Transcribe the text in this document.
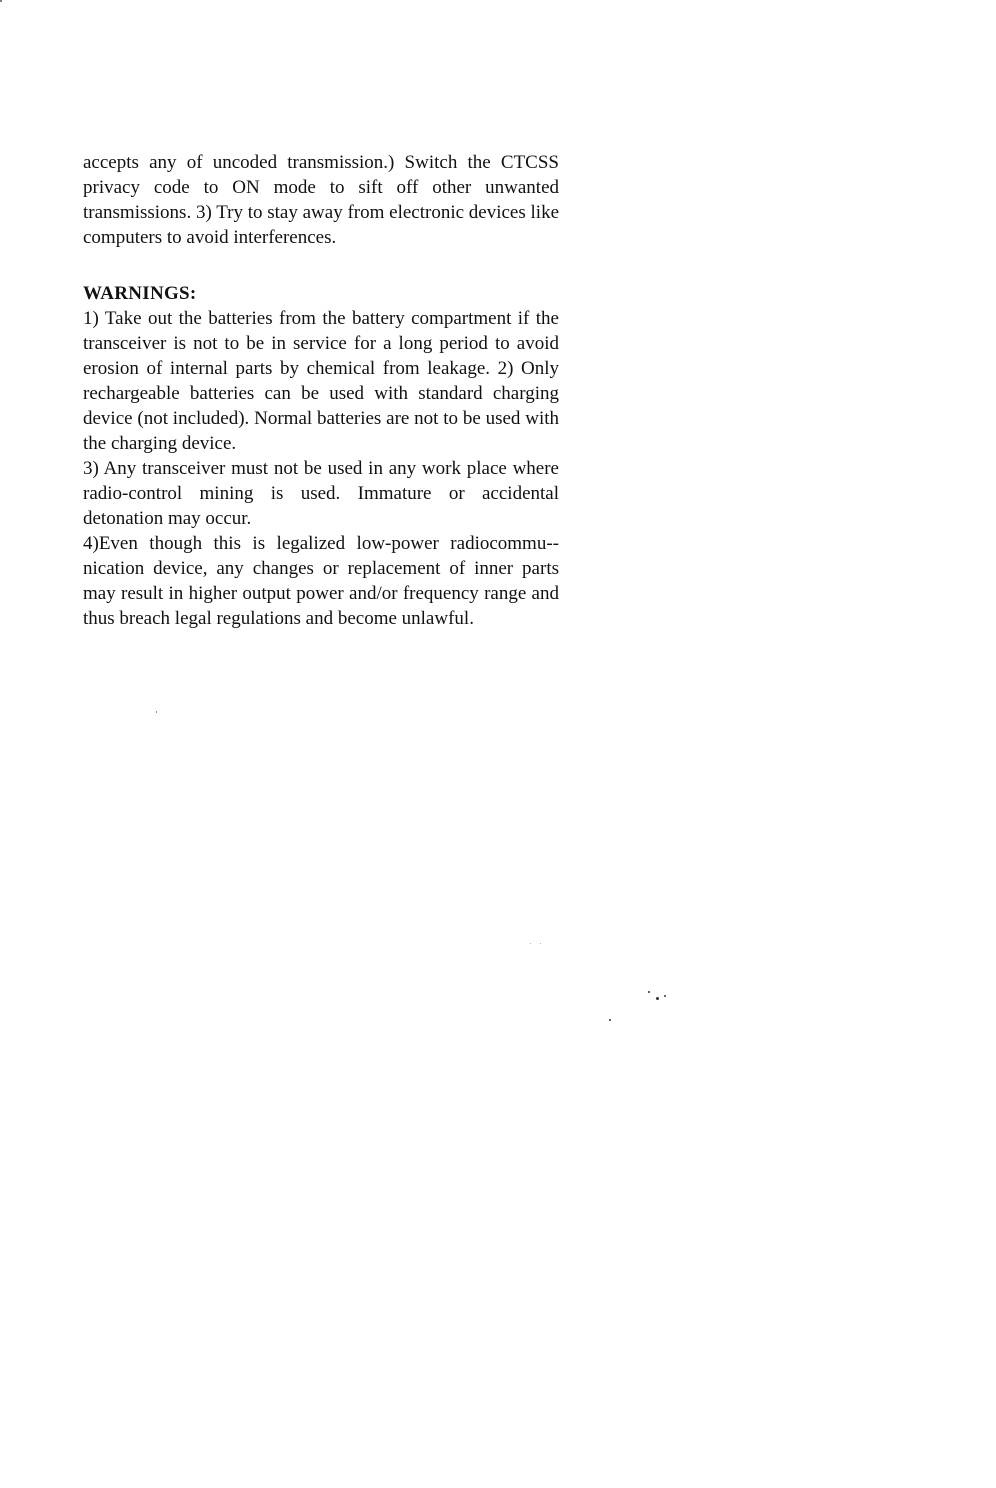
accepts any of uncoded transmission.) Switch the CTCSS privacy code to ON mode to sift off other unwanted transmissions. 3) Try to stay away from electronic devices like computers to avoid interferences.

WARNINGS:

1) Take out the batteries from the battery compartment if the transceiver is not to be in service for a long period to avoid erosion of internal parts by chemical from leakage. 2) Only rechargeable batteries can be used with standard charging device (not included). Normal batteries are not to be used with the charging device.

3) Any transceiver must not be used in any work place where radio-control mining is used. Immature or accidental detonation may occur.

4)Even though this is legalized low-power radiocommu--nication device, any changes or replacement of inner parts may result in higher output power and/or frequency range and thus breach legal regulations and become unlawful.
